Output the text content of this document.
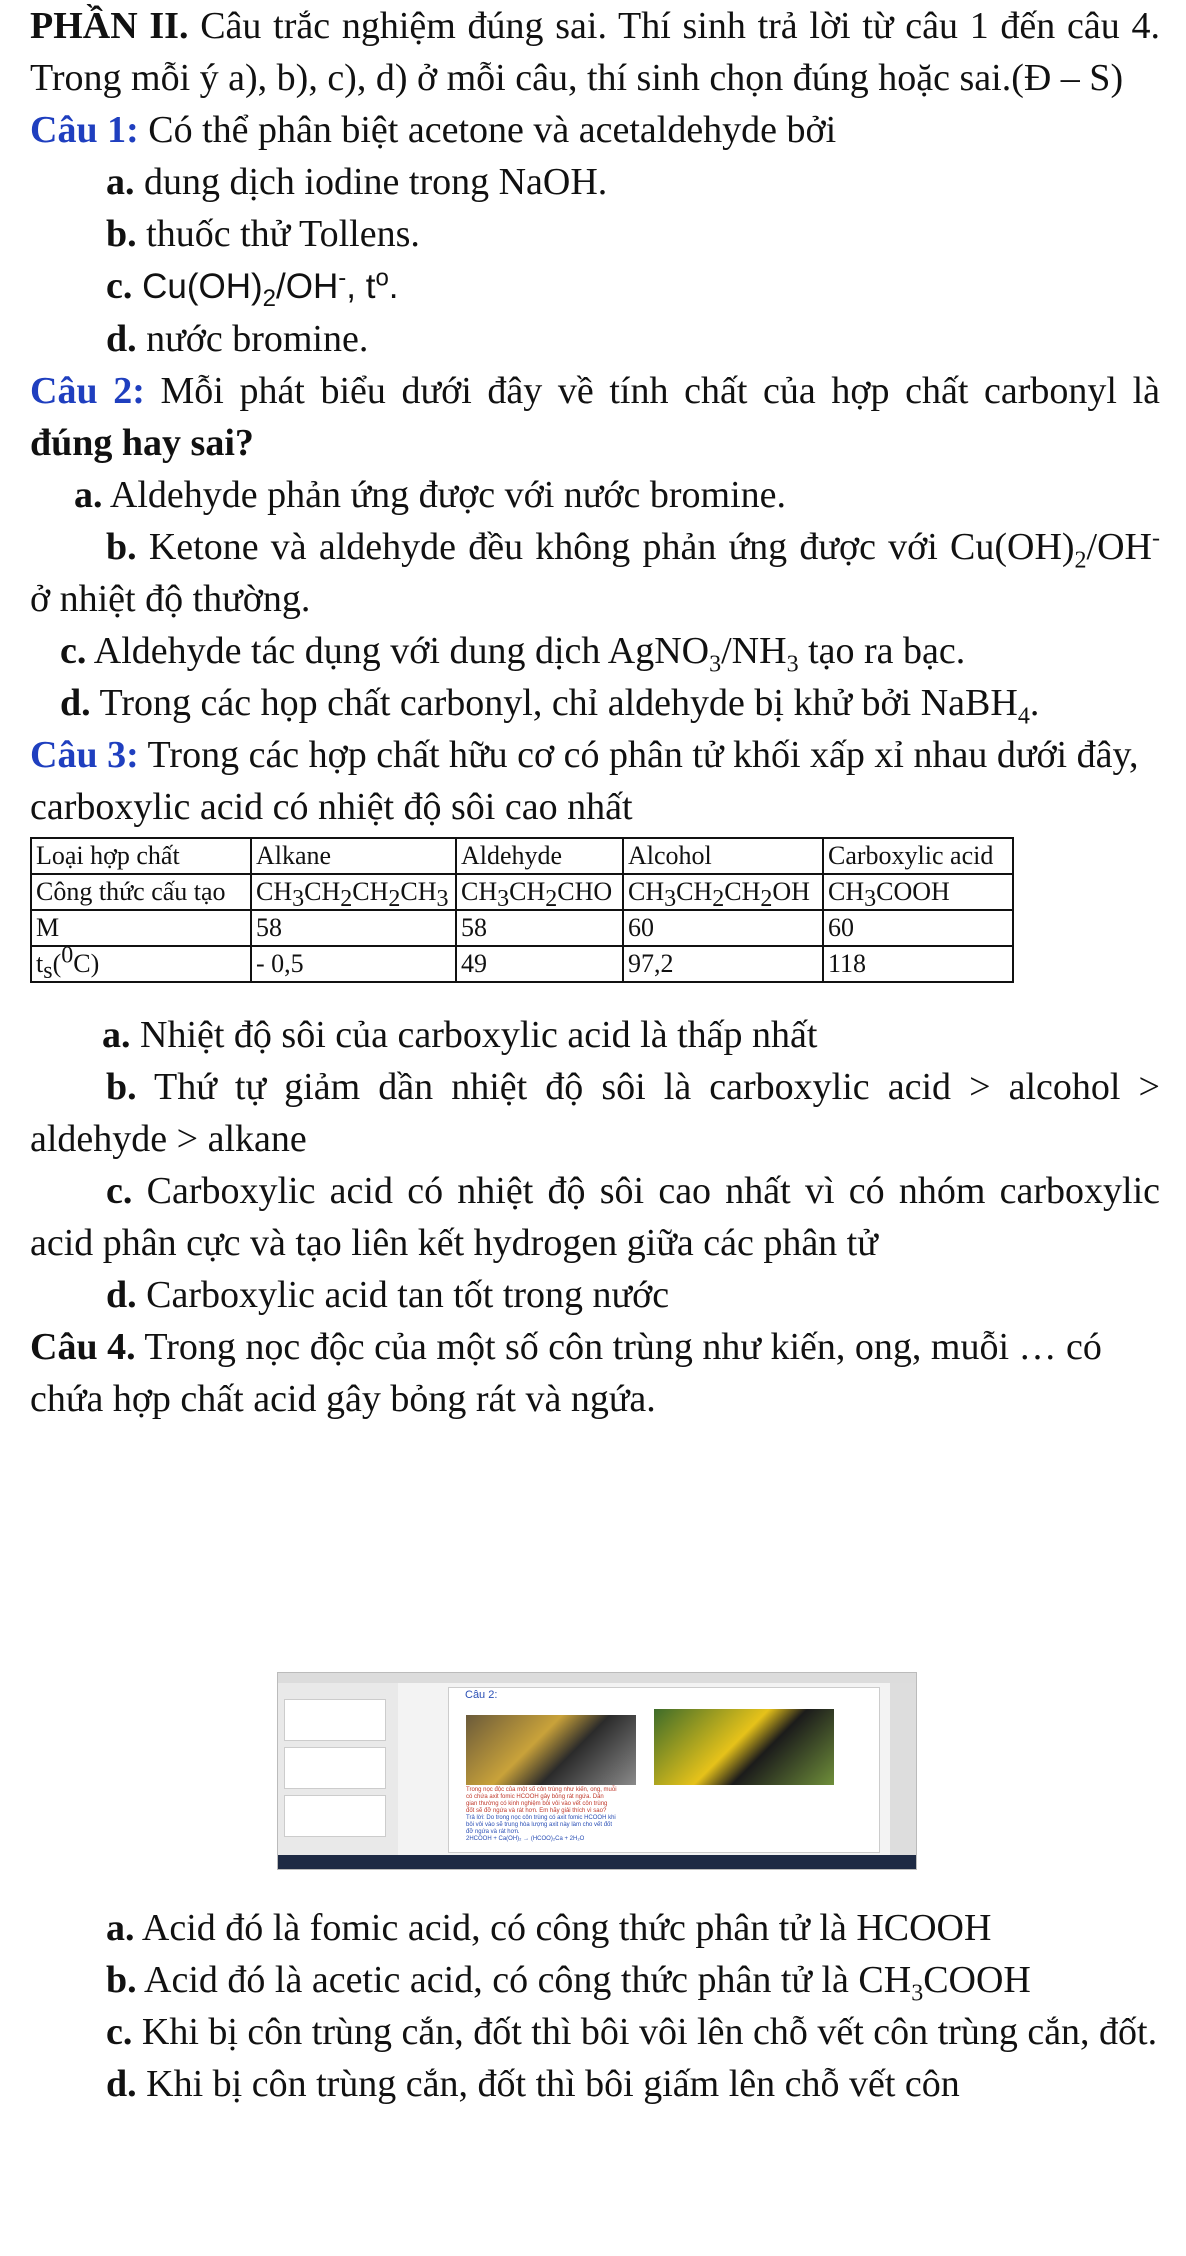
PHẦN II. Câu trắc nghiệm đúng sai. Thí sinh trả lời từ câu 1 đến câu 4. Trong mỗi ý a), b), c), d) ở mỗi câu, thí sinh chọn đúng hoặc sai.(Đ – S)

Câu 1: Có thể phân biệt acetone và acetaldehyde bởi

a. dung dịch iodine trong NaOH.

b. thuốc thử Tollens.

c. $Cu(OH)_2/OH^-$, $t^o$.

d. nước bromine.

Câu 2: Mỗi phát biểu dưới đây về tính chất của hợp chất carbonyl là đúng hay sai?

a. Aldehyde phản ứng được với nước bromine.

b. Ketone và aldehyde đều không phản ứng được với $Cu(OH)_2/OH^-$ ở nhiệt độ thường.

c. Aldehyde tác dụng với dung dịch $AgNO_3/NH_3$ tạo ra bạc.

d. Trong các họp chất carbonyl, chỉ aldehyde bị khử bởi NaBH$_4$.

Câu 3: Trong các hợp chất hữu cơ có phân tử khối xấp xỉ nhau dưới đây, carboxylic acid có nhiệt độ sôi cao nhất

Loại hợp chất	Alkane	Aldehyde	Alcohol	Carboxylic acid
Công thức cấu tạo	$CH_3CH_2CH_2CH_3$	$CH_3CH_2CHO$	$CH_3CH_2CH_2OH$	$CH_3COOH$
M	58	58	60	60
$t_s(^0C)$	- 0,5	49	97,2	118

a. Nhiệt độ sôi của carboxylic acid là thấp nhất

b. Thứ tự giảm dần nhiệt độ sôi là carboxylic acid > alcohol > aldehyde > alkane

c. Carboxylic acid có nhiệt độ sôi cao nhất vì có nhóm carboxylic acid phân cực và tạo liên kết hydrogen giữa các phân tử

d. Carboxylic acid tan tốt trong nước

Câu 4. Trong nọc độc của một số côn trùng như kiến, ong, muỗi … có chứa hợp chất acid gây bỏng rát và ngứa.

Câu 2:
Trong nọc độc của một số côn trùng như kiến, ong, muỗi
có chứa axit fomic HCOOH gây bỏng rát ngứa. Dân
gian thường có kinh nghiệm bôi vôi vào vết côn trùng
đốt sẽ đỡ ngứa và rát hơn. Em hãy giải thích vì sao?
Trả lời: Do trong nọc côn trùng có axit fomic HCOOH khi
bôi vôi vào sẽ trung hòa lượng axit này làm cho vết đốt
đỡ ngứa và rát hơn.
2HCOOH + Ca(OH)₂ → (HCOO)₂Ca + 2H₂O

a. Acid đó là fomic acid, có công thức phân tử là HCOOH

b. Acid đó là acetic acid, có công thức phân tử là $CH_3COOH$

c. Khi bị côn trùng cắn, đốt thì bôi vôi lên chỗ vết côn trùng cắn, đốt.

d. Khi bị côn trùng cắn, đốt thì bôi giấm lên chỗ vết côn
